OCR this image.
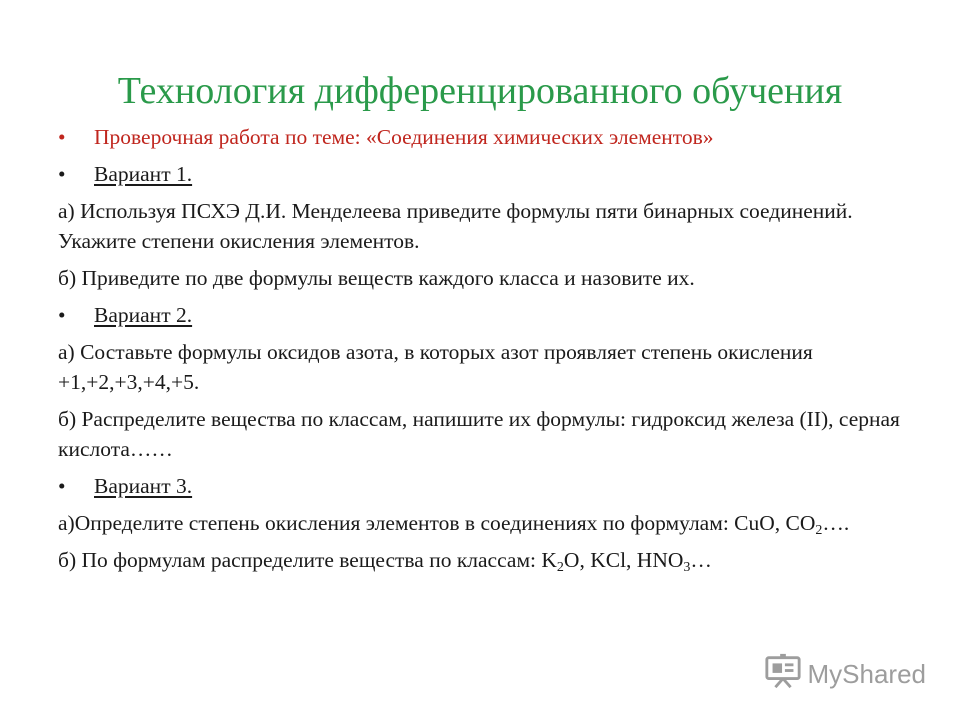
Технология дифференцированного обучения
•	Проверочная работа по теме: «Соединения химических элементов»
•	Вариант 1.
а) Используя ПСХЭ Д.И. Менделеева приведите формулы пяти бинарных соединений. Укажите степени окисления элементов.
б) Приведите по две формулы веществ каждого класса и назовите их.
•	Вариант 2.
а) Составьте формулы оксидов азота, в которых азот проявляет степень окисления +1,+2,+3,+4,+5.
б) Распределите вещества по классам, напишите их формулы: гидроксид железа (II), серная кислота……
•	Вариант 3.
а)Определите степень окисления элементов в соединениях по формулам: CuO, $CO_2\dots$.
б) По формулам распределите вещества по классам: $K_2O$, KCl, $HNO_3\dots$
MyShared
